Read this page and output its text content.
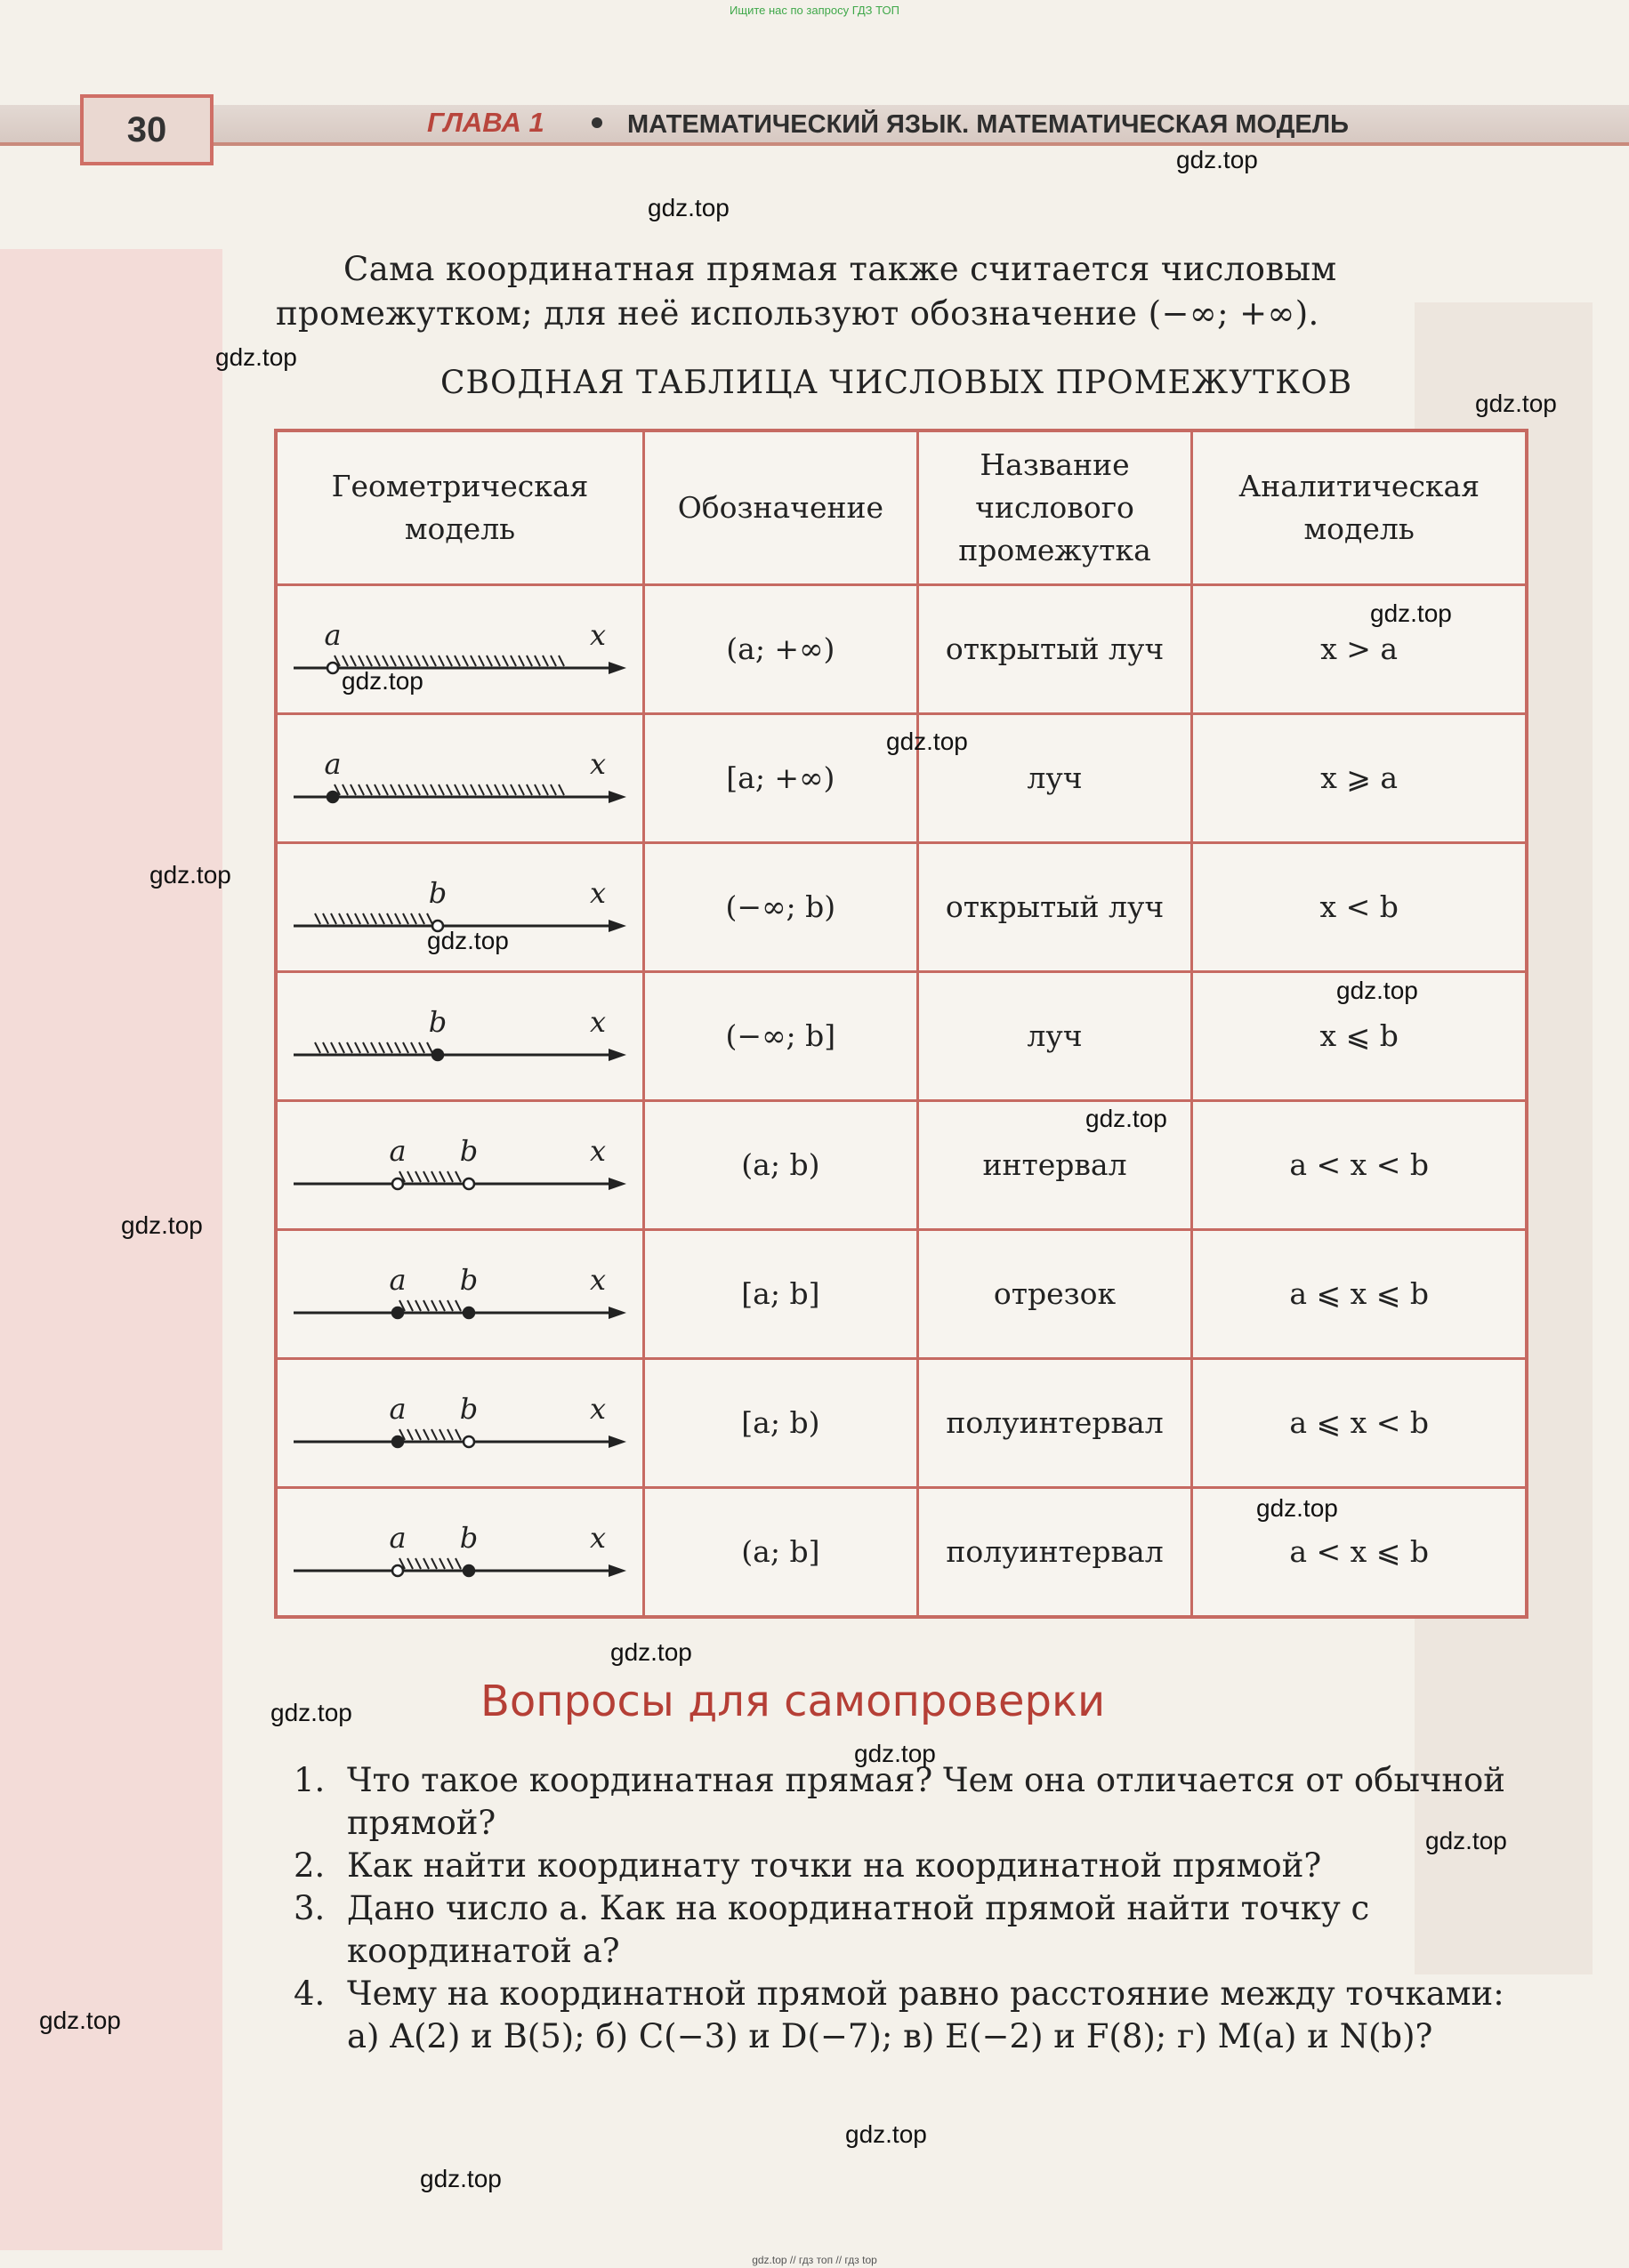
Ищите нас по запросу ГДЗ ТОП
30	ГЛАВА 1	МАТЕМАТИЧЕСКИЙ ЯЗЫК. МАТЕМАТИЧЕСКАЯ МОДЕЛЬ
Сама координатная прямая также считается числовым промежутком; для неё используют обозначение (−∞; +∞).
СВОДНАЯ ТАБЛИЦА ЧИСЛОВЫХ ПРОМЕЖУТКОВ
Геометрическая модель	Обозначение	Название числового промежутка	Аналитическая модель

a x	(a; +∞)	открытый луч	x > a

a x	[a; +∞)	луч	x ⩾ a

b x	(−∞; b)	открытый луч	x < b

b x	(−∞; b]	луч	x ⩽ b

a b x	(a; b)	интервал	a < x < b

a b x	[a; b]	отрезок	a ⩽ x ⩽ b

a b x	[a; b)	полуинтервал	a ⩽ x < b

a b x	(a; b]	полуинтервал	a < x ⩽ b
Вопросы для самопроверки
1. Что такое координатная прямая? Чем она отличается от обычной прямой?
2. Как найти координату точки на координатной прямой?
3. Дано число a. Как на координатной прямой найти точку с координатой a?
4. Чему на координатной прямой равно расстояние между точками:
а) A(2) и B(5); б) C(−3) и D(−7); в) E(−2) и F(8); г) M(a) и N(b)?
gdz.top
gdz.top
gdz.top
gdz.top
gdz.top
gdz.top
gdz.top
gdz.top
gdz.top
gdz.top
gdz.top
gdz.top
gdz.top
gdz.top
gdz.top
gdz.top
gdz.top
gdz.top
gdz.top
gdz.top
gdz.top // гдз топ // гдз top
